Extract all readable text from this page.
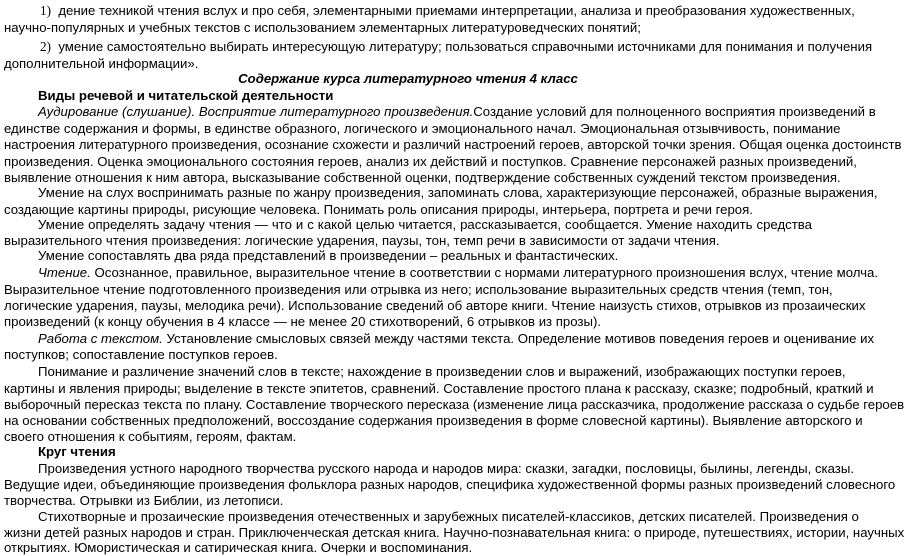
1) дение техникой чтения вслух и про себя, элементарными приемами интерпретации, анализа и преобразования художественных,
научно-популярных и учебных текстов с использованием элементарных литературоведческих понятий;
2) умение самостоятельно выбирать интересующую литературу; пользоваться справочными источниками для понимания и получения
дополнительной информации».
Содержание курса литературного чтения 4 класс
Виды речевой и читательской деятельности
Аудирование (слушание). Восприятие литературного произведения.Создание условий для полноценного восприятия произведений в
единстве содержания и формы, в единстве образного, логического и эмоционального начал. Эмоциональная отзывчивость, понимание
настроения литературного произведения, осознание схожести и различий настроений героев, авторской точки зрения. Общая оценка достоинств
произведения. Оценка эмоционального состояния героев, анализ их действий и поступков. Сравнение персонажей разных произведений,
выявление отношения к ним автора, высказывание собственной оценки, подтверждение собственных суждений текстом произведения.
Умение на слух воспринимать разные по жанру произведения, запоминать слова, характеризующие персонажей, образные выражения,
создающие картины природы, рисующие человека. Понимать роль описания природы, интерьера, портрета и речи героя.
Умение определять задачу чтения — что и с какой целью читается, рассказывается, сообщается. Умение находить средства
выразительного чтения произведения: логические ударения, паузы, тон, темп речи в зависимости от задачи чтения.
Умение сопоставлять два ряда представлений в произведении – реальных и фантастических.
Чтение. Осознанное, правильное, выразительное чтение в соответствии с нормами литературного произношения вслух, чтение молча.
Выразительное чтение подготовленного произведения или отрывка из него; использование выразительных средств чтения (темп, тон,
логические ударения, паузы, мелодика речи). Использование сведений об авторе книги. Чтение наизусть стихов, отрывков из прозаических
произведений (к концу обучения в 4 классе — не менее 20 стихотворений, 6 отрывков из прозы).
Работа с текстом. Установление смысловых связей между частями текста. Определение мотивов поведения героев и оценивание их
поступков; сопоставление поступков героев.
Понимание и различение значений слов в тексте; нахождение в произведении слов и выражений, изображающих поступки героев,
картины и явления природы; выделение в тексте эпитетов, сравнений. Составление простого плана к рассказу, сказке; подробный, краткий и
выборочный пересказ текста по плану. Составление творческого пересказа (изменение лица рассказчика, продолжение рассказа о судьбе героев
на основании собственных предположений, воссоздание содержания произведения в форме словесной картины). Выявление авторского и
своего отношения к событиям, героям, фактам.
Круг чтения
Произведения устного народного творчества русского народа и народов мира: сказки, загадки, пословицы, былины, легенды, сказы.
Ведущие идеи, объединяющие произведения фольклора разных народов, специфика художественной формы разных произведений словесного
творчества. Отрывки из Библии, из летописи.
Стихотворные и прозаические произведения отечественных и зарубежных писателей-классиков, детских писателей. Произведения о
жизни детей разных народов и стран. Приключенческая детская книга. Научно-познавательная книга: о природе, путешествиях, истории, научных
открытиях. Юмористическая и сатирическая книга. Очерки и воспоминания.
